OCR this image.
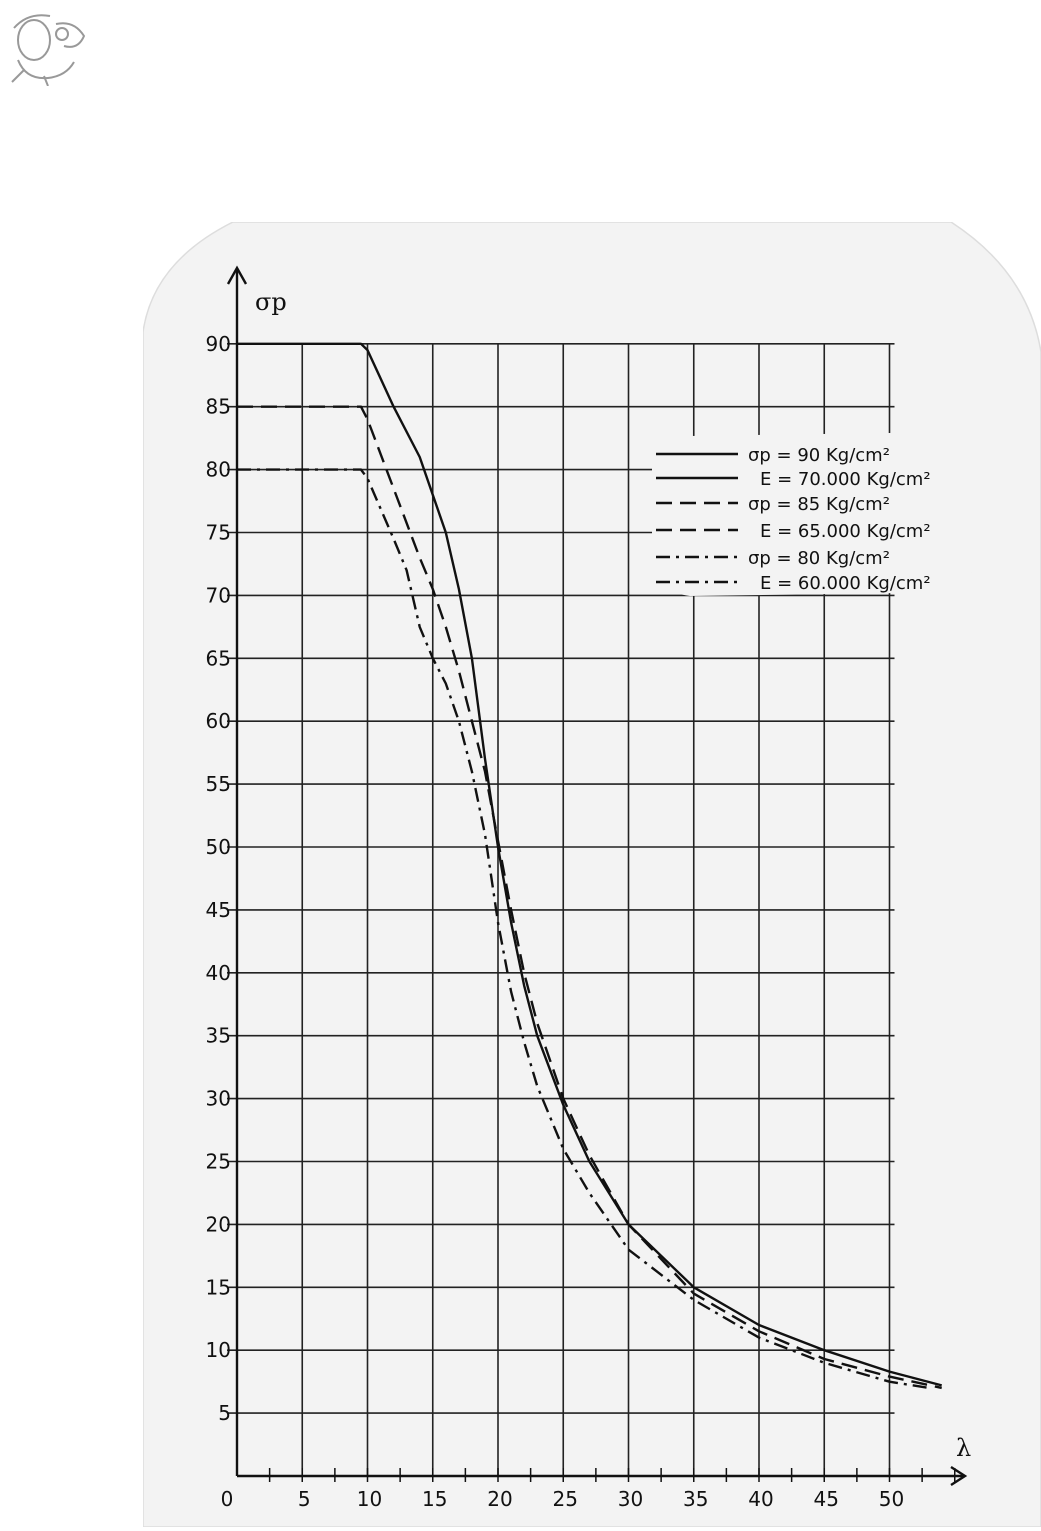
0	5 10 15 20 25 30 35 40 45 50
5
10
15
20
25
30
35
40
45
50
55
60
65
70
75
80
85
90
σp
λ
σp = 90 Kg/cm²
E = 70.000 Kg/cm²
σp = 85 Kg/cm²
E = 65.000 Kg/cm²
σp = 80 Kg/cm²
E = 60.000 Kg/cm²
